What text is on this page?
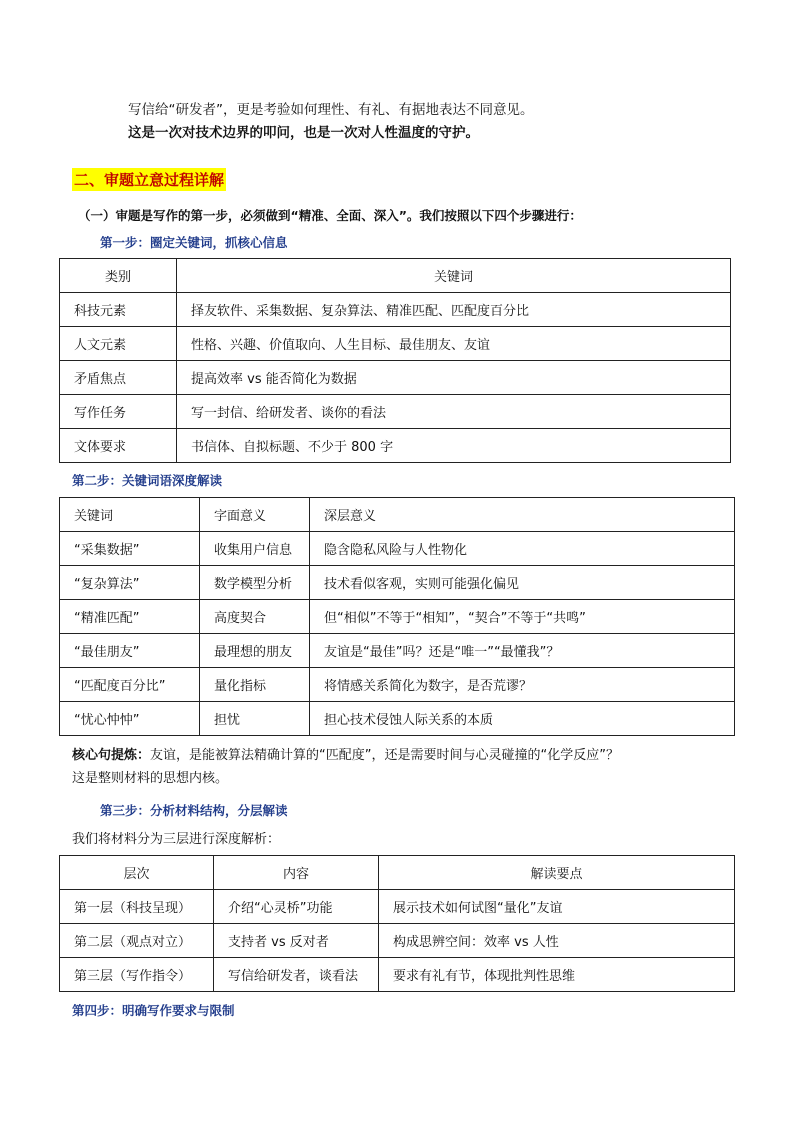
写信给“研发者”，更是考验如何理性、有礼、有据地表达不同意见。
这是一次对技术边界的叩问，也是一次对人性温度的守护。
二、审题立意过程详解
（一）审题是写作的第一步，必须做到“精准、全面、深入”。我们按照以下四个步骤进行：
第一步：圈定关键词，抓核心信息
类别	关键词
科技元素	择友软件、采集数据、复杂算法、精准匹配、匹配度百分比
人文元素	性格、兴趣、价值取向、人生目标、最佳朋友、友谊
矛盾焦点	提高效率 vs 能否简化为数据
写作任务	写一封信、给研发者、谈你的看法
文体要求	书信体、自拟标题、不少于 800 字
第二步：关键词语深度解读
关键词	字面意义	深层意义
“采集数据”	收集用户信息	隐含隐私风险与人性物化
“复杂算法”	数学模型分析	技术看似客观，实则可能强化偏见
“精准匹配”	高度契合	但“相似”不等于“相知”，“契合”不等于“共鸣”
“最佳朋友”	最理想的朋友	友谊是“最佳”吗？还是“唯一”“最懂我”？
“匹配度百分比”	量化指标	将情感关系简化为数字，是否荒谬？
“忧心忡忡”	担忧	担心技术侵蚀人际关系的本质
核心句提炼：友谊，是能被算法精确计算的“匹配度”，还是需要时间与心灵碰撞的“化学反应”？
这是整则材料的思想内核。
第三步：分析材料结构，分层解读
我们将材料分为三层进行深度解析：
层次	内容	解读要点
第一层（科技呈现）	介绍“心灵桥”功能	展示技术如何试图“量化”友谊
第二层（观点对立）	支持者 vs 反对者	构成思辨空间：效率 vs 人性
第三层（写作指令）	写信给研发者，谈看法	要求有礼有节，体现批判性思维
第四步：明确写作要求与限制
